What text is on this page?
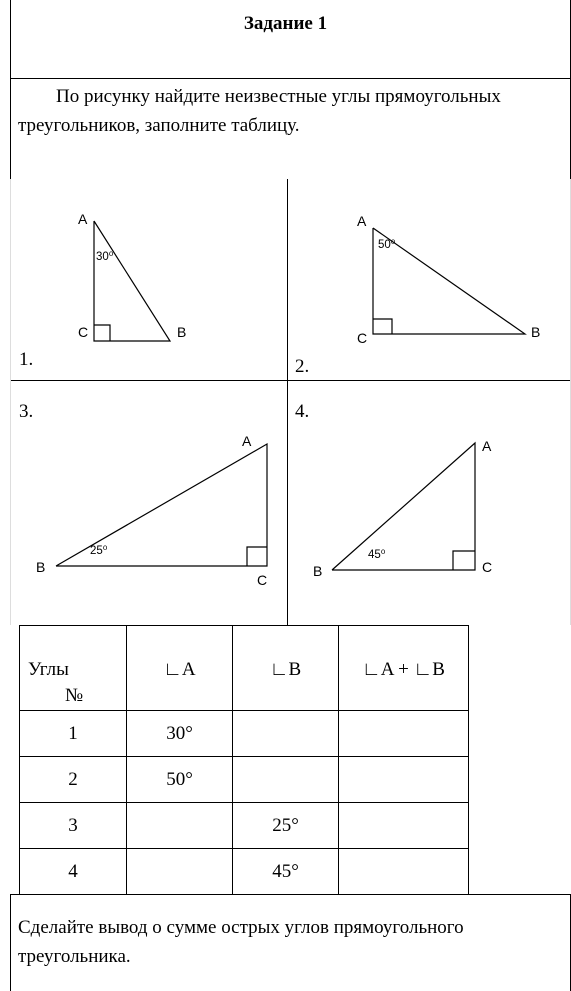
Задание 1
По рисунку найдите неизвестные углы прямоугольных треугольников, заполните таблицу.
1.	2.
3.	4.
A
C	B
30⁰
A
C	B
50⁰
A
B
C
25⁰
A
B	C
45⁰
Углы
№	∟A	∟B	∟A + ∟B

1	30°		
2	50°		
3		25°	
4		45°	
Сделайте вывод о сумме острых углов прямоугольного треугольника.
